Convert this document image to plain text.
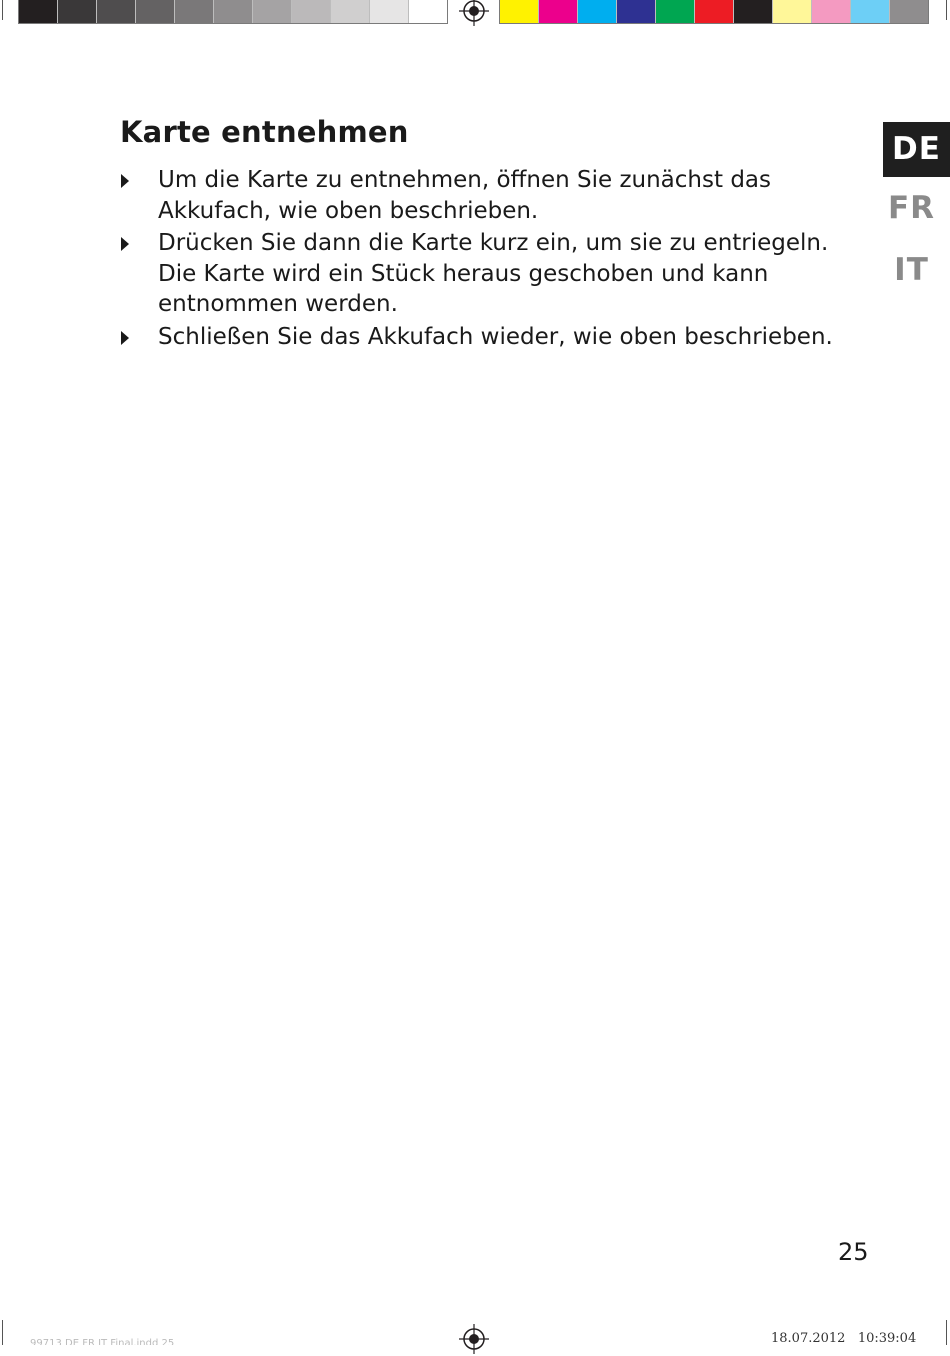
Karte entnehmen
Um die Karte zu entnehmen, öffnen Sie zunächst das Akkufach, wie oben beschrieben.
Drücken Sie dann die Karte kurz ein, um sie zu entriegeln. Die Karte wird ein Stück heraus geschoben und kann entnommen werden.
Schließen Sie das Akkufach wieder, wie oben beschrieben.
DE
FR
IT
25
99713 DE FR IT Final.indd 25	18.07.2012   10:39:04
